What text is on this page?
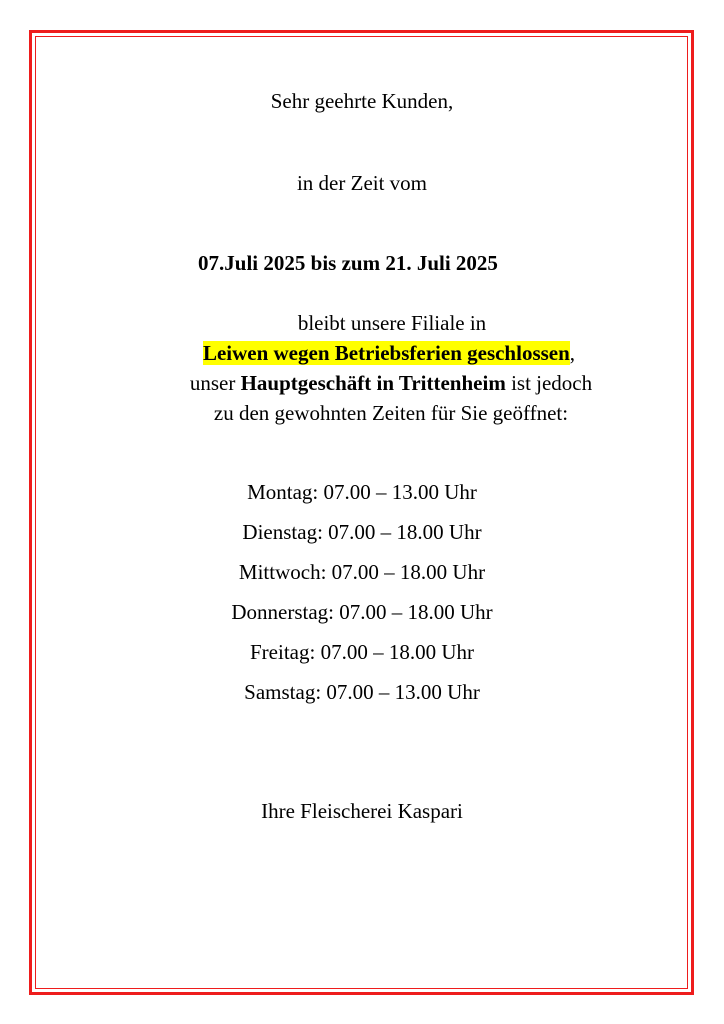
Sehr geehrte Kunden,
in der Zeit vom
07.Juli 2025 bis zum 21. Juli 2025
bleibt unsere Filiale in
Leiwen wegen Betriebsferien geschlossen,
unser Hauptgeschäft in Trittenheim ist jedoch
zu den gewohnten Zeiten für Sie geöffnet:
Montag: 07.00 – 13.00 Uhr
Dienstag: 07.00 – 18.00 Uhr
Mittwoch: 07.00 – 18.00 Uhr
Donnerstag: 07.00 – 18.00 Uhr
Freitag: 07.00 – 18.00 Uhr
Samstag: 07.00 – 13.00 Uhr
Ihre Fleischerei Kaspari
